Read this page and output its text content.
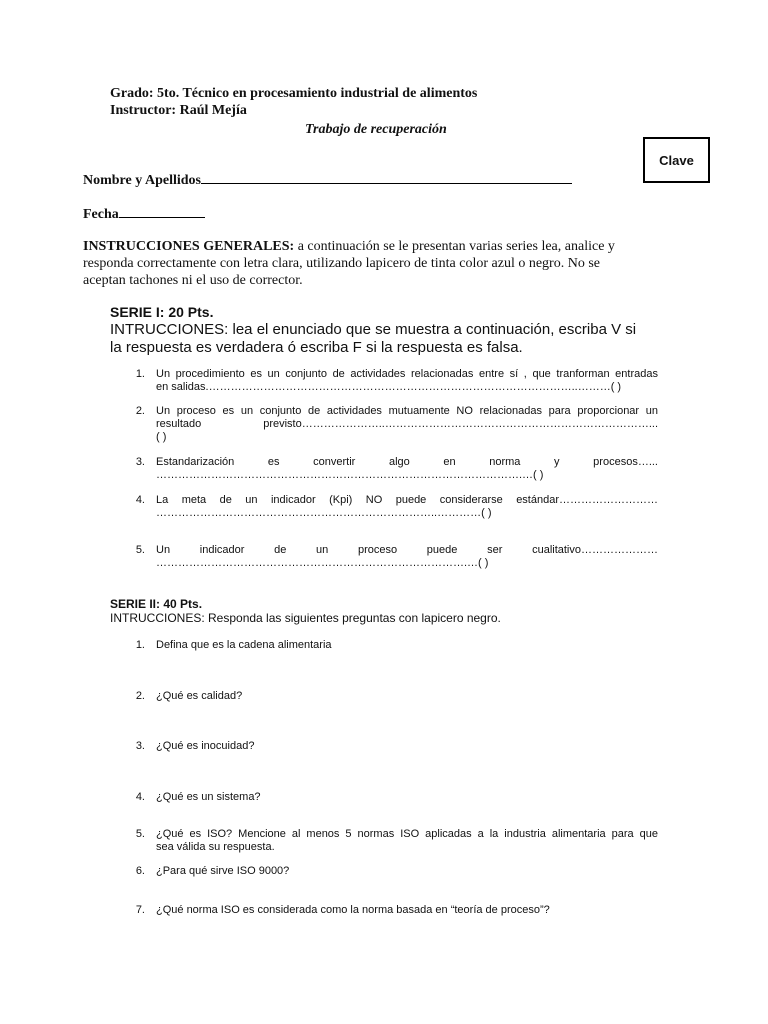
Grado: 5to. Técnico en procesamiento industrial de alimentos
Instructor: Raúl Mejía
Trabajo de recuperación
Clave
Nombre y Apellidos
Fecha
INSTRUCCIONES GENERALES: a continuación se le presentan varias series lea, analice y
responda correctamente con letra clara, utilizando lapicero de tinta color azul o negro. No se
aceptan tachones ni el uso de corrector.
SERIE I: 20 Pts.
INTRUCCIONES: lea el enunciado que se muestra a continuación, escriba V si
la respuesta es verdadera ó escriba F si la respuesta es falsa.
1. Un procedimiento es un conjunto de actividades relacionadas entre sí , que tranforman entradas
en salidas.………………………………………………………………………………………..………( )
2. Un proceso es un conjunto de actividades mutuamente NO relacionadas para proporcionar un
resultado previsto…………………..………………………………………………………………...
( )
3. Estandarización es convertir algo en norma y procesos…...
……………………………………………………………………………………….…( )
4. La meta de un indicador (Kpi) NO puede considerarse estándar………………………
…………………………………………………………………..…………( )
5. Un indicador de un proceso puede ser cualitativo…………………
………………………………………………………………………….…( )
SERIE II: 40 Pts.
INTRUCCIONES: Responda las siguientes preguntas con lapicero negro.
1. Defina que es la cadena alimentaria
2. ¿Qué es calidad?
3. ¿Qué es inocuidad?
4. ¿Qué es un sistema?
5. ¿Qué es ISO? Mencione al menos 5 normas ISO aplicadas a la industria alimentaria para que
sea válida su respuesta.
6. ¿Para qué sirve ISO 9000?
7. ¿Qué norma ISO es considerada como la norma basada en “teoría de proceso”?
